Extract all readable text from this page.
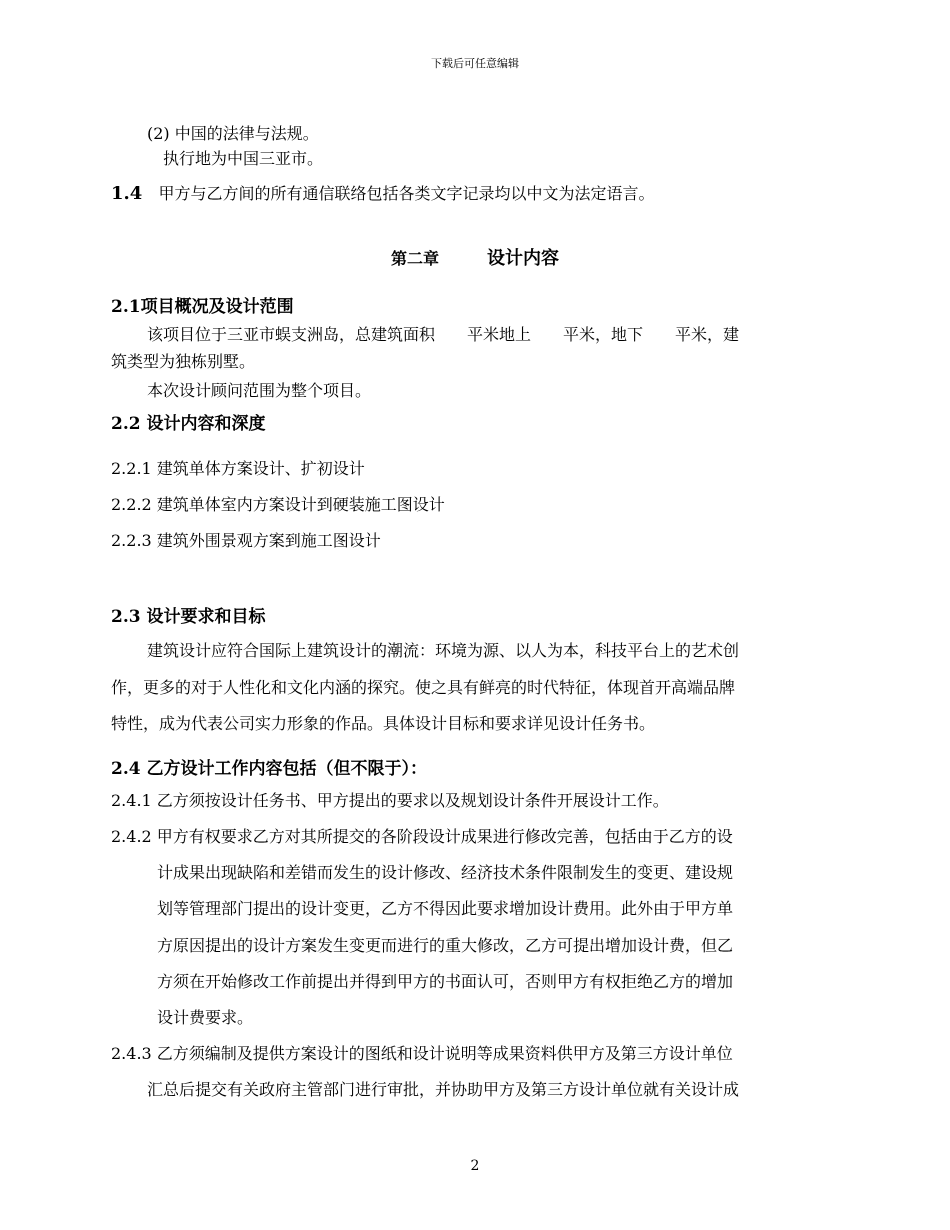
下载后可任意编辑
(2) 中国的法律与法规。
执行地为中国三亚市。
1.4 甲方与乙方间的所有通信联络包括各类文字记录均以中文为法定语言。
第二章	设计内容
2.1项目概况及设计范围
该项目位于三亚市蜈支洲岛，总建筑面积　　平米地上　　平米，地下　　平米，建
筑类型为独栋别墅。
本次设计顾问范围为整个项目。
2.2 设计内容和深度
2.2.1 建筑单体方案设计、扩初设计
2.2.2 建筑单体室内方案设计到硬装施工图设计
2.2.3 建筑外围景观方案到施工图设计
2.3 设计要求和目标
建筑设计应符合国际上建筑设计的潮流：环境为源、以人为本，科技平台上的艺术创
作，更多的对于人性化和文化内涵的探究。使之具有鲜亮的时代特征，体现首开高端品牌
特性，成为代表公司实力形象的作品。具体设计目标和要求详见设计任务书。
2.4 乙方设计工作内容包括（但不限于）：
2.4.1 乙方须按设计任务书、甲方提出的要求以及规划设计条件开展设计工作。
2.4.2 甲方有权要求乙方对其所提交的各阶段设计成果进行修改完善，包括由于乙方的设
计成果出现缺陷和差错而发生的设计修改、经济技术条件限制发生的变更、建设规
划等管理部门提出的设计变更，乙方不得因此要求增加设计费用。此外由于甲方单
方原因提出的设计方案发生变更而进行的重大修改，乙方可提出增加设计费，但乙
方须在开始修改工作前提出并得到甲方的书面认可，否则甲方有权拒绝乙方的增加
设计费要求。
2.4.3 乙方须编制及提供方案设计的图纸和设计说明等成果资料供甲方及第三方设计单位
汇总后提交有关政府主管部门进行审批，并协助甲方及第三方设计单位就有关设计成
2
